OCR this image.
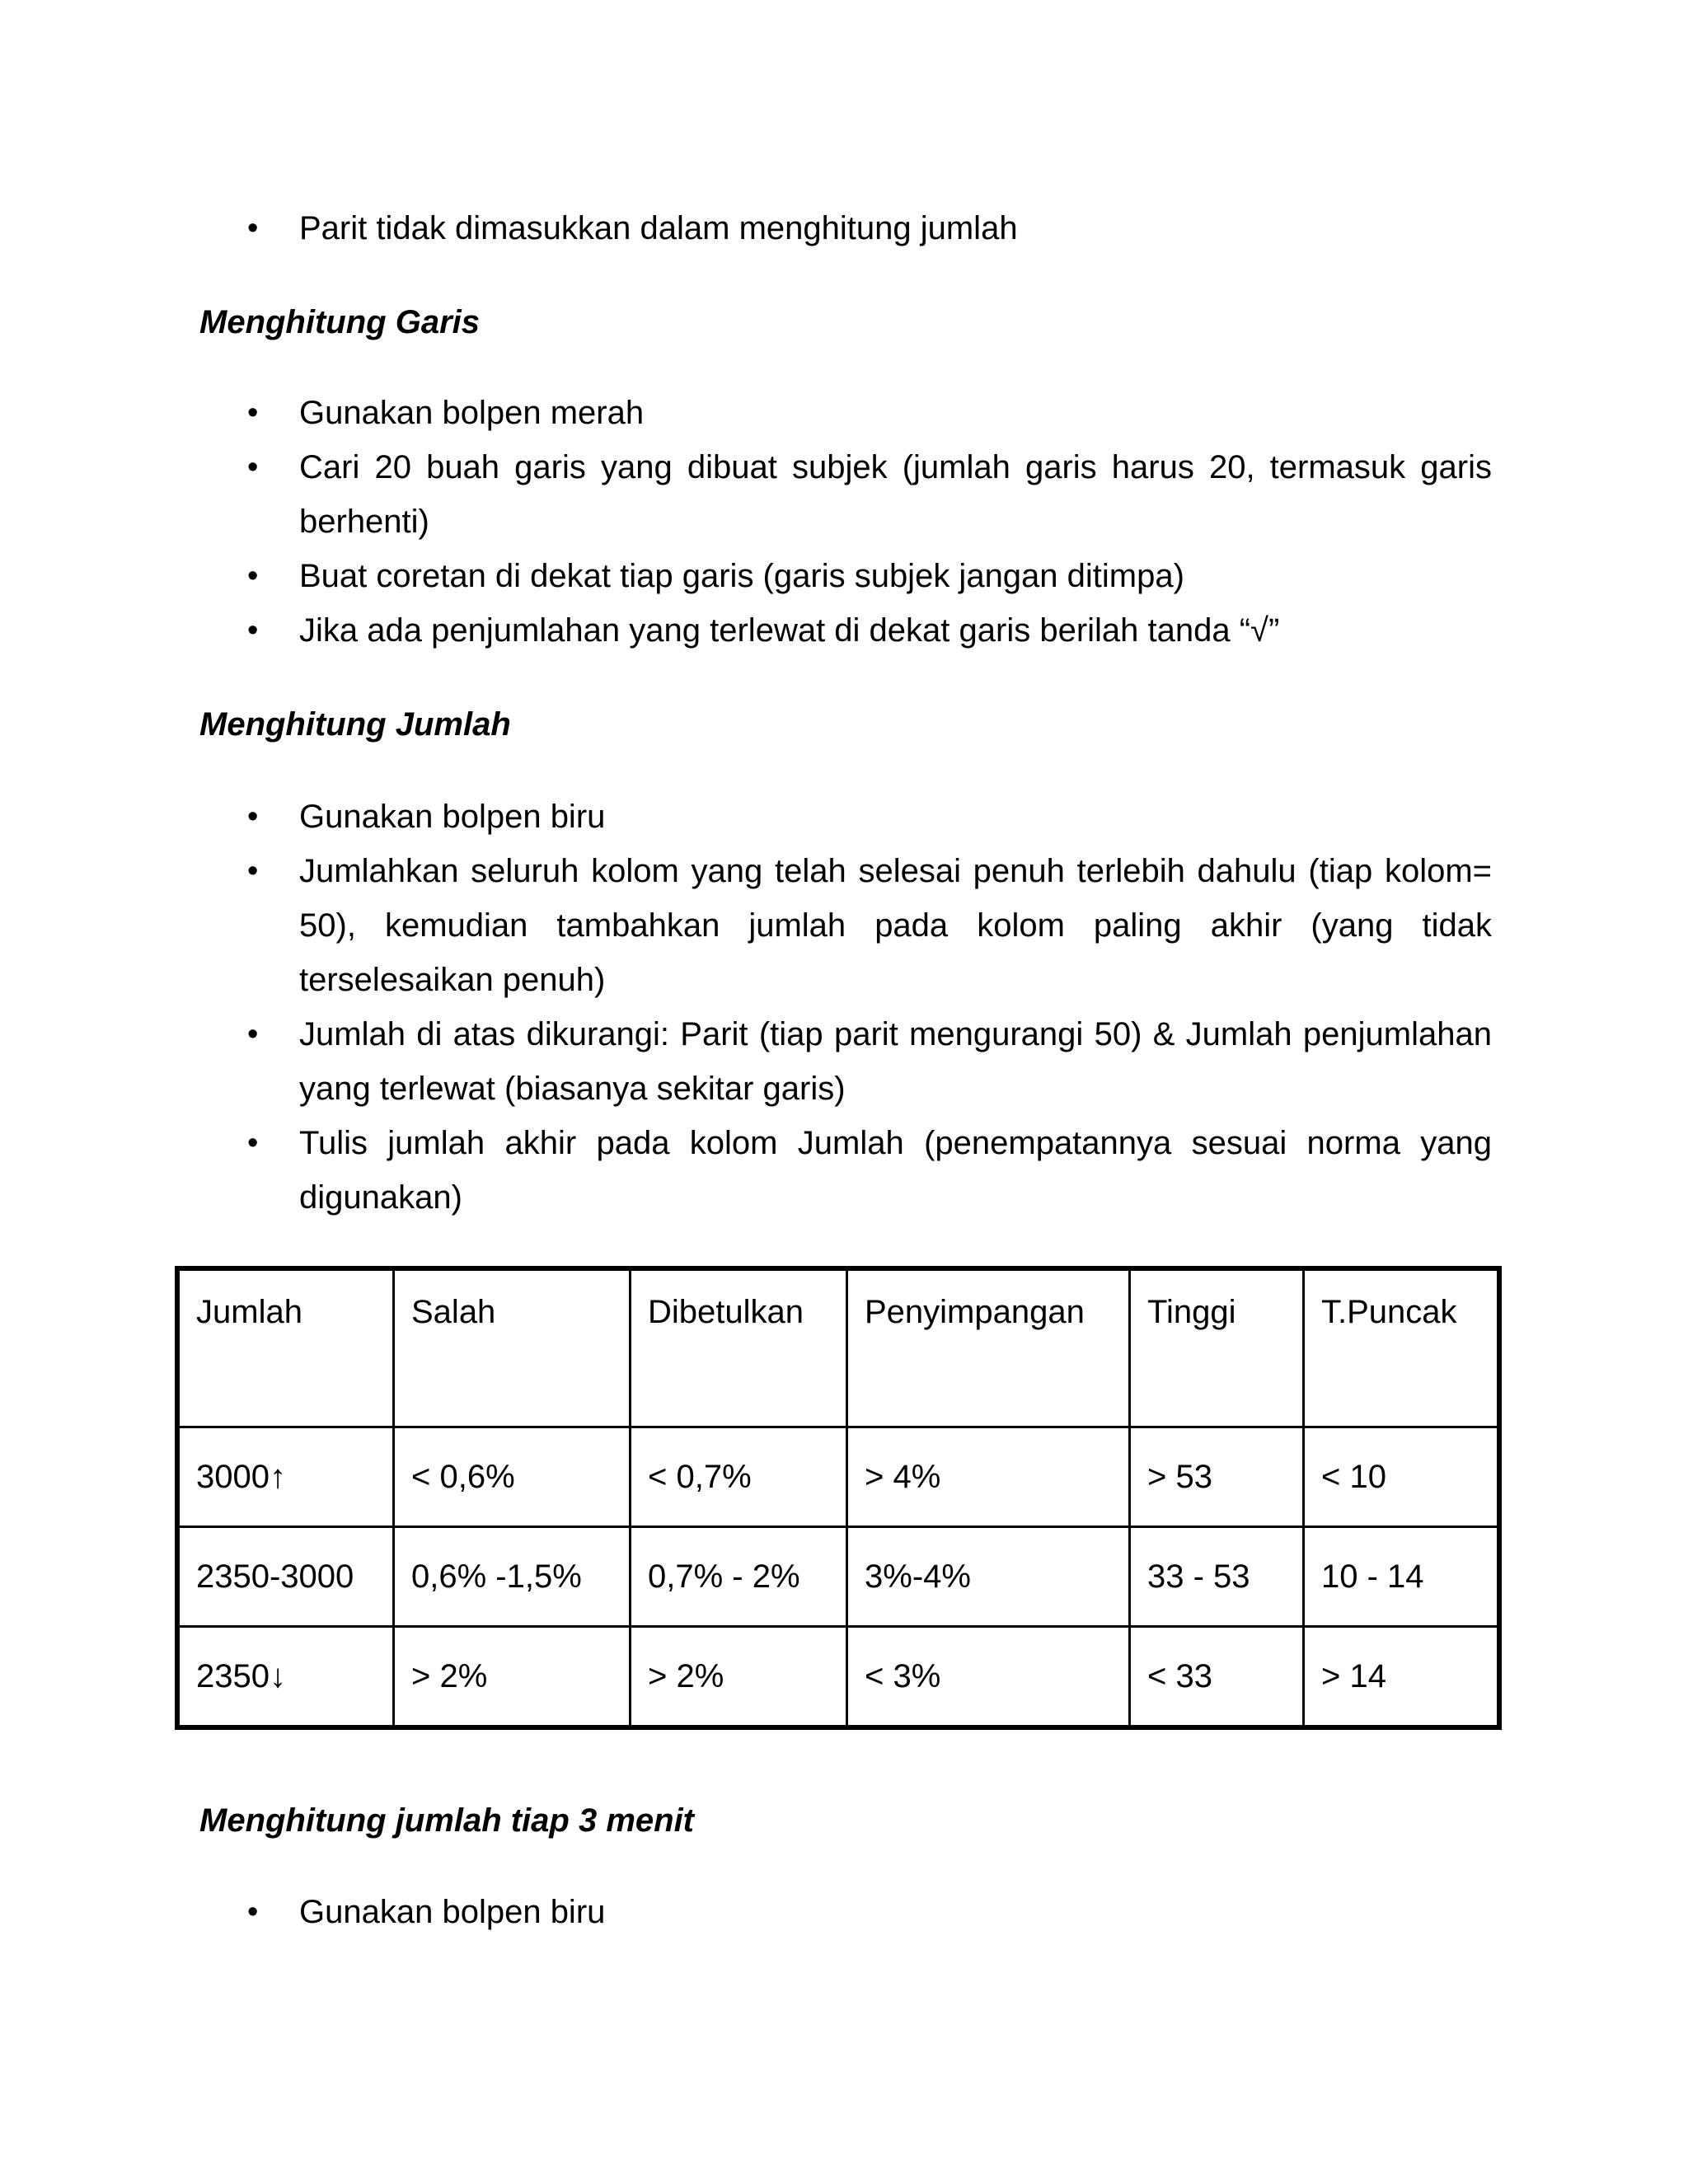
• Parit tidak dimasukkan dalam menghitung jumlah
Menghitung Garis
• Gunakan bolpen merah
• Cari 20 buah garis yang dibuat subjek (jumlah garis harus 20, termasuk garis berhenti)
• Buat coretan di dekat tiap garis (garis subjek jangan ditimpa)
• Jika ada penjumlahan yang terlewat di dekat garis berilah tanda “√”
Menghitung Jumlah
• Gunakan bolpen biru
• Jumlahkan seluruh kolom yang telah selesai penuh terlebih dahulu (tiap kolom= 50), kemudian tambahkan jumlah pada kolom paling akhir (yang tidak terselesaikan penuh)
• Jumlah di atas dikurangi: Parit (tiap parit mengurangi 50) & Jumlah penjumlahan yang terlewat (biasanya sekitar garis)
• Tulis jumlah akhir pada kolom Jumlah (penempatannya sesuai norma yang digunakan)
Jumlah	Salah	Dibetulkan	Penyimpangan	Tinggi	T.Puncak
3000↑	< 0,6%	< 0,7%	> 4%	> 53	< 10
2350-3000	0,6% -1,5%	0,7% - 2%	3%-4%	33 - 53	10 - 14
2350↓	> 2%	> 2%	< 3%	< 33	> 14
Menghitung jumlah tiap 3 menit
• Gunakan bolpen biru
